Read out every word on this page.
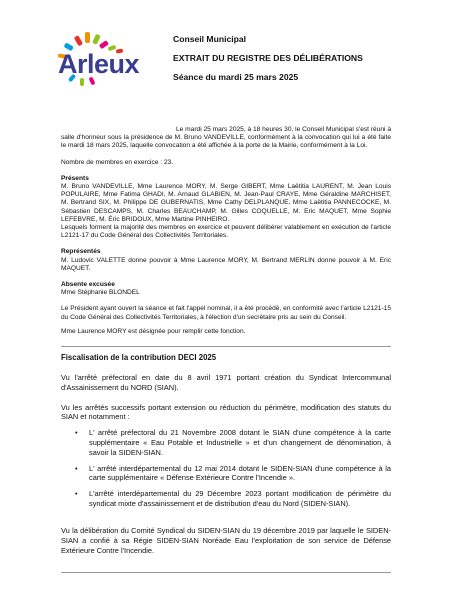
Arleux
Conseil Municipal
EXTRAIT DU REGISTRE DES DÉLIBÉRATIONS
Séance du mardi 25 mars 2025

Le mardi 25 mars 2025, à 18 heures 30, le Conseil Municipal s'est réuni à salle d'honneur sous la présidence de M. Bruno VANDEVILLE, conformément à la convocation qui lui a été faite le mardi 18 mars 2025, laquelle convocation a été affichée à la porte de la Mairie, conformément à la Loi.

Nombre de membres en exercice : 23.

Présents

M. Bruno VANDEVILLE, Mme Laurence MORY, M. Serge GIBERT, Mme Laëtitia LAURENT, M. Jean Louis POPULAIRE, Mme Fatima GHADI, M. Arnaud GLABIEN, M. Jean-Paul CRAYE, Mme Géraldine MARCHISET, M. Bertrand SIX, M. Philippe DE GUBERNATIS, Mme Cathy DELPLANQUE, Mme Laëtitia PANNECOCKE, M. Sébastien DESCAMPS, M. Charles BEAUCHAMP, M. Gilles COQUELLE, M. Eric MAQUET, Mme Sophie LEFEBVRE, M. Éric BRIDOUX, Mme Martine PINHEIRO.

Lesquels forment la majorité des membres en exercice et peuvent délibérer valablement en exécution de l'article L2121-17 du Code Général des Collectivités Territoriales.

Représentés

M. Ludovic VALETTE donne pouvoir à Mme Laurence MORY, M. Bertrand MERLIN donne pouvoir à M. Eric MAQUET.

Absente excusée

Mme Stéphanie BLONDEL

Le Président ayant ouvert la séance et fait l'appel nominal, il a été procédé, en conformité avec l'article L2121-15 du Code Général des Collectivités Territoriales, à l'élection d'un secrétaire pris au sein du Conseil.

Mme Laurence MORY est désignée pour remplir cette fonction.

Fiscalisation de la contribution DECI 2025

Vu l'arrêté préfectoral en date du 8 avril 1971 portant création du Syndicat Intercommunal d'Assainissement du NORD (SIAN).

Vu les arrêtés successifs portant extension ou réduction du périmètre, modification des statuts du SIAN et notamment :

• L' arrêté préfectoral du 21 Novembre 2008 dotant le SIAN d'une compétence à la carte supplémentaire « Eau Potable et Industrielle » et d'un changement de dénomination, à savoir la SIDEN-SIAN.
• L' arrêté interdépartemental du 12 mai 2014 dotant le SIDEN-SIAN d'une compétence à la carte supplémentaire « Défense Extérieure Contre l'Incendie ».
• L'arrêté interdépartemental du 29 Décembre 2023 portant modification de périmètre du syndicat mixte d'assainissement et de distribution d'eau du Nord (SIDEN-SIAN).

Vu la délibération du Comité Syndical du SIDEN-SIAN du 19 décembre 2019 par laquelle le SIDEN-SIAN a confié à sa Régie SIDEN-SIAN Noréade Eau l'exploitation de son service de Défense Extérieure Contre l'Incendie.
